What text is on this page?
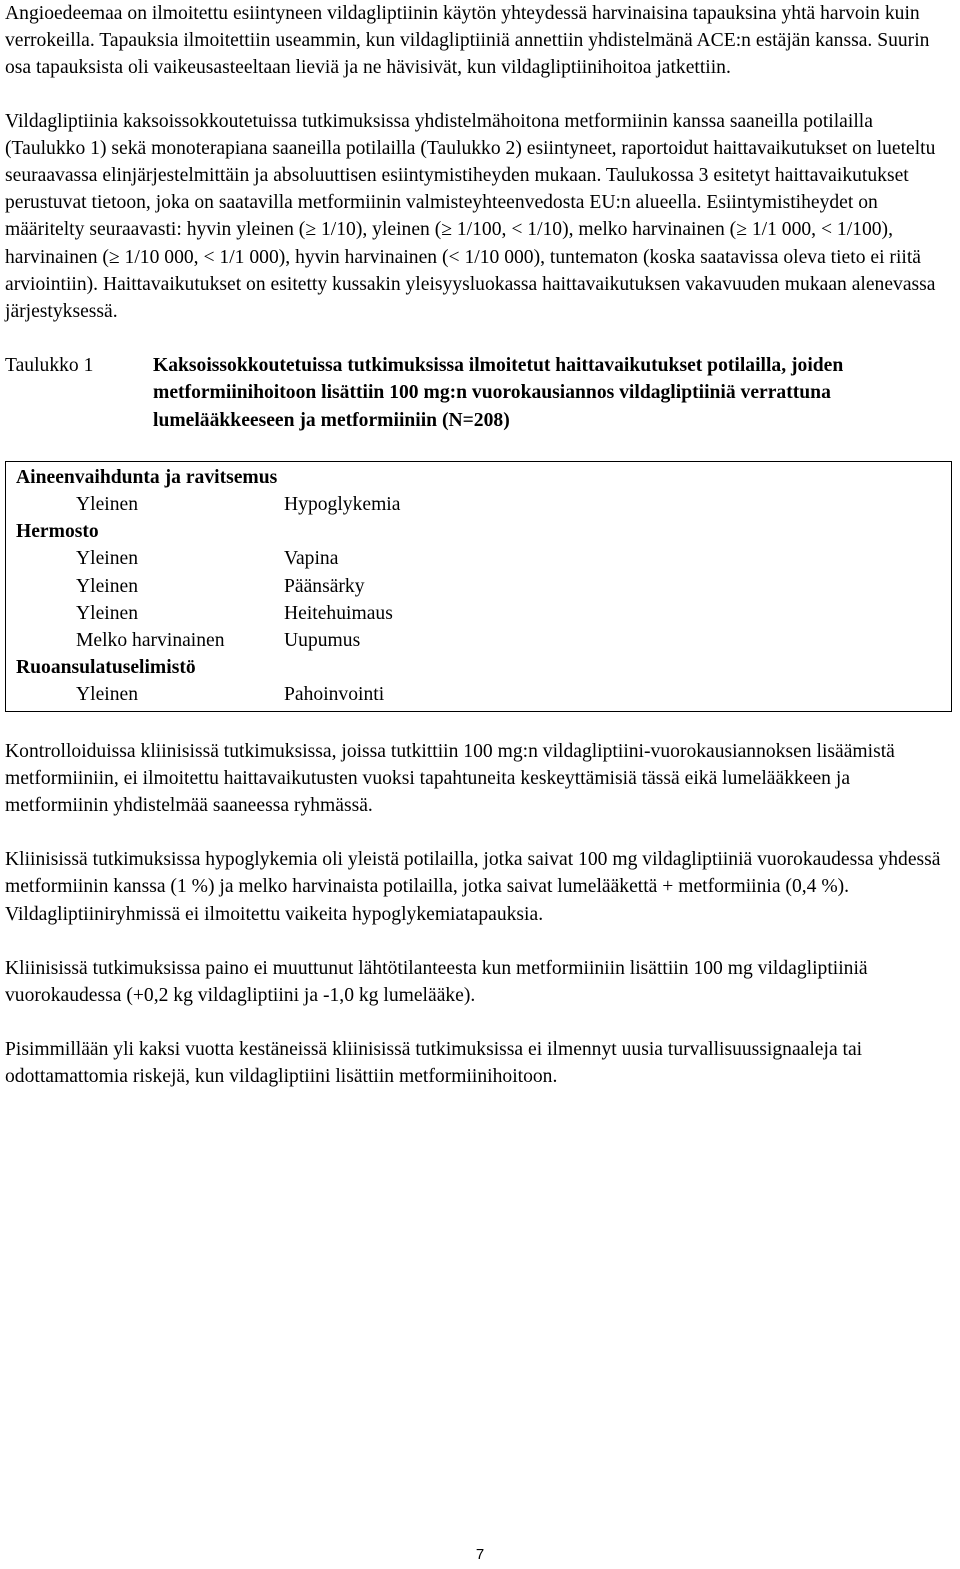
Angioedeemaa on ilmoitettu esiintyneen vildagliptiinin käytön yhteydessä harvinaisina tapauksina yhtä harvoin kuin verrokeilla. Tapauksia ilmoitettiin useammin, kun vildagliptiiniä annettiin yhdistelmänä ACE:n estäjän kanssa. Suurin osa tapauksista oli vaikeusasteeltaan lieviä ja ne hävisivät, kun vildagliptiinihoitoa jatkettiin.

Vildagliptiinia kaksoissokkoutetuissa tutkimuksissa yhdistelmähoitona metformiinin kanssa saaneilla potilailla (Taulukko 1) sekä monoterapiana saaneilla potilailla (Taulukko 2) esiintyneet, raportoidut haittavaikutukset on lueteltu seuraavassa elinjärjestelmittäin ja absoluuttisen esiintymistiheyden mukaan. Taulukossa 3 esitetyt haittavaikutukset perustuvat tietoon, joka on saatavilla metformiinin valmisteyhteenvedosta EU:n alueella. Esiintymistiheydet on määritelty seuraavasti: hyvin yleinen (≥ 1/10), yleinen (≥ 1/100, < 1/10), melko harvinainen (≥ 1/1 000, < 1/100), harvinainen (≥ 1/10 000, < 1/1 000), hyvin harvinainen (< 1/10 000), tuntematon (koska saatavissa oleva tieto ei riitä arviointiin). Haittavaikutukset on esitetty kussakin yleisyysluokassa haittavaikutuksen vakavuuden mukaan alenevassa järjestyksessä.

Taulukko 1	Kaksoissokkoutetuissa tutkimuksissa ilmoitetut haittavaikutukset potilailla, joiden metformiinihoitoon lisättiin 100 mg:n vuorokausiannos vildagliptiiniä verrattuna lumelääkkeeseen ja metformiiniin (N=208)
Aineenvaihdunta ja ravitsemus
Yleinen	Hypoglykemia
Hermosto
Yleinen	Vapina
Yleinen	Päänsärky
Yleinen	Heitehuimaus
Melko harvinainen	Uupumus
Ruoansulatuselimistö
Yleinen	Pahoinvointi

Kontrolloiduissa kliinisissä tutkimuksissa, joissa tutkittiin 100 mg:n vildagliptiini-vuorokausiannoksen lisäämistä metformiiniin, ei ilmoitettu haittavaikutusten vuoksi tapahtuneita keskeyttämisiä tässä eikä lumelääkkeen ja metformiinin yhdistelmää saaneessa ryhmässä.

Kliinisissä tutkimuksissa hypoglykemia oli yleistä potilailla, jotka saivat 100 mg vildagliptiiniä vuorokaudessa yhdessä metformiinin kanssa (1 %) ja melko harvinaista potilailla, jotka saivat lumelääkettä + metformiinia (0,4 %). Vildagliptiiniryhmissä ei ilmoitettu vaikeita hypoglykemiatapauksia.

Kliinisissä tutkimuksissa paino ei muuttunut lähtötilanteesta kun metformiiniin lisättiin 100 mg vildagliptiiniä vuorokaudessa (+0,2 kg vildagliptiini ja -1,0 kg lumelääke).

Pisimmillään yli kaksi vuotta kestäneissä kliinisissä tutkimuksissa ei ilmennyt uusia turvallisuussignaaleja tai odottamattomia riskejä, kun vildagliptiini lisättiin metformiinihoitoon.

7
